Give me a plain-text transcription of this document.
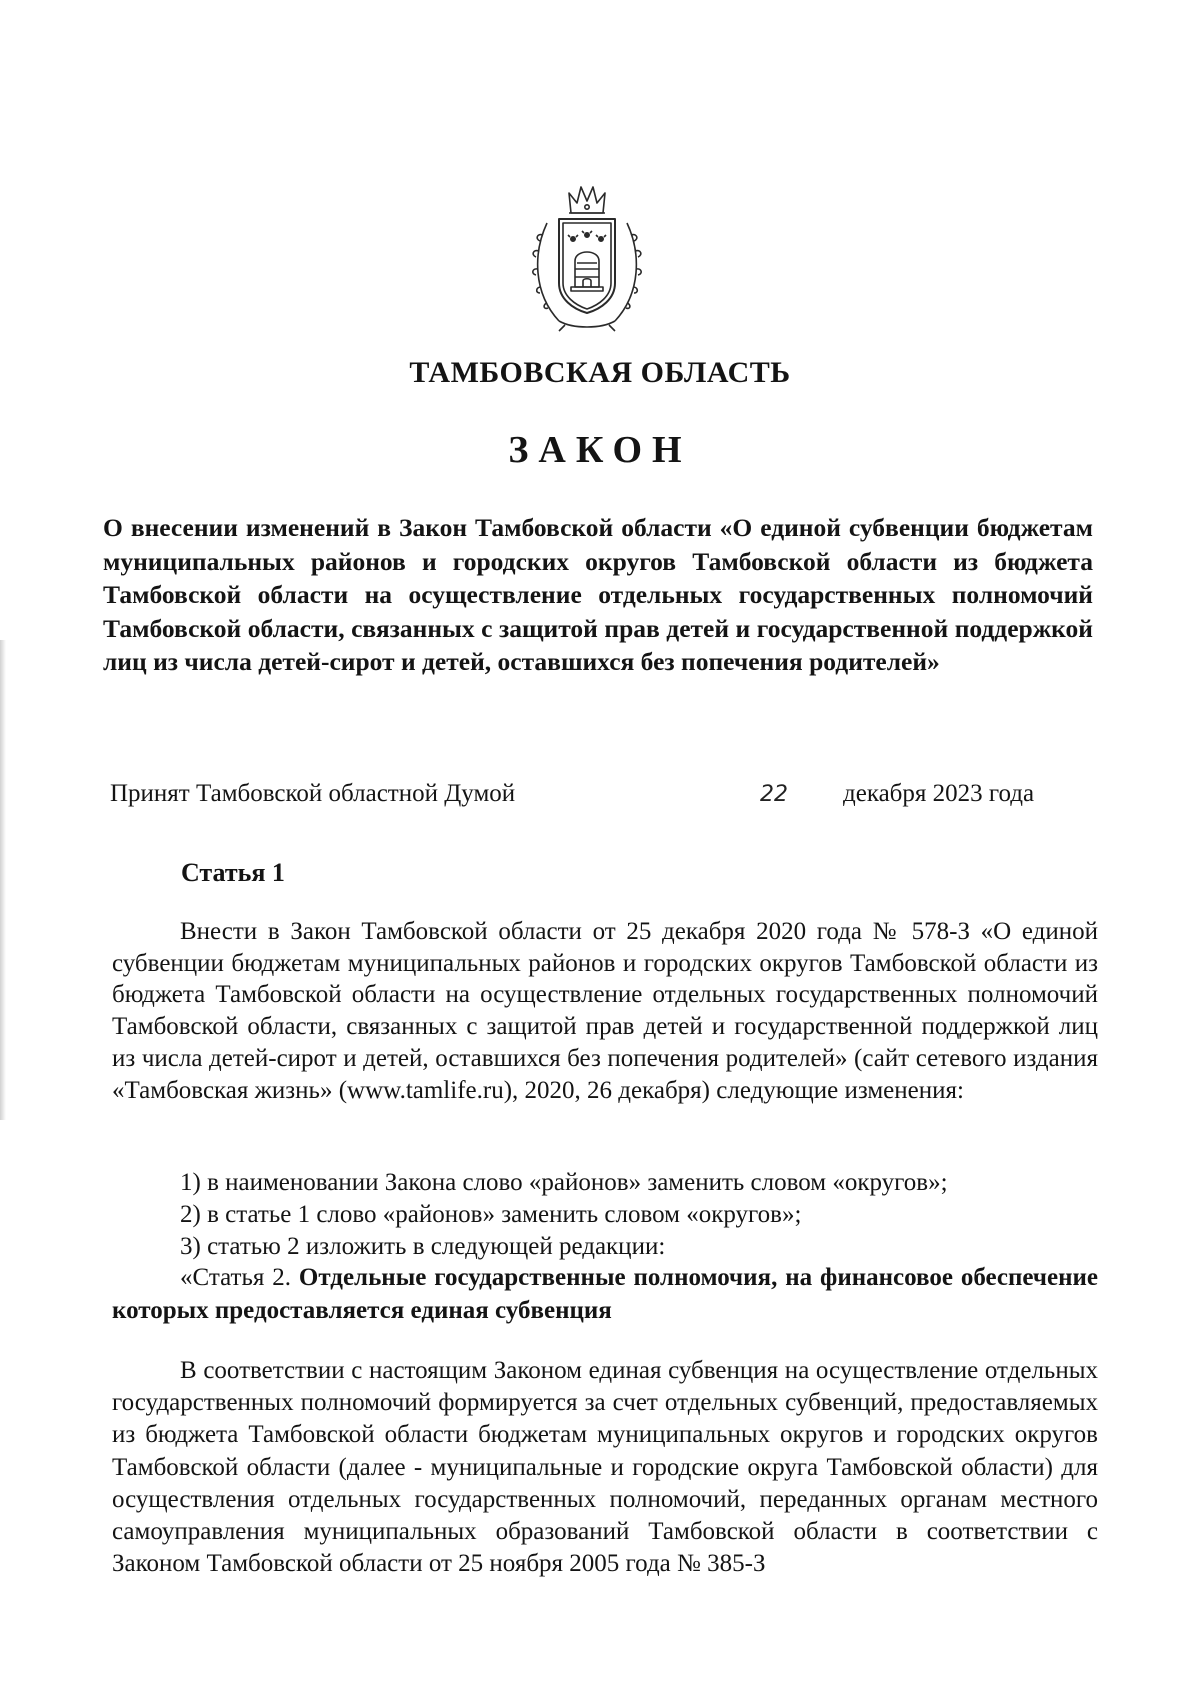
ТАМБОВСКАЯ ОБЛАСТЬ
ЗАКОН
О внесении изменений в Закон Тамбовской области «О единой субвенции бюджетам муниципальных районов и городских округов Тамбовской области из бюджета Тамбовской области на осуществление отдельных государственных полномочий Тамбовской области, связанных с защитой прав детей и государственной поддержкой лиц из числа детей-сирот и детей, оставшихся без попечения родителей»
Принят Тамбовской областной Думой	22 декабря 2023 года
Статья 1
Внести в Закон Тамбовской области от 25 декабря 2020 года № 578-З «О единой субвенции бюджетам муниципальных районов и городских округов Тамбовской области из бюджета Тамбовской области на осуществление отдельных государственных полномочий Тамбовской области, связанных с защитой прав детей и государственной поддержкой лиц из числа детей-сирот и детей, оставшихся без попечения родителей» (сайт сетевого издания «Тамбовская жизнь» (www.tamlife.ru), 2020, 26 декабря) следующие изменения:
1) в наименовании Закона слово «районов» заменить словом «округов»;
2) в статье 1 слово «районов» заменить словом «округов»;
3) статью 2 изложить в следующей редакции:
«Статья 2. Отдельные государственные полномочия, на финансовое обеспечение которых предоставляется единая субвенция
В соответствии с настоящим Законом единая субвенция на осуществление отдельных государственных полномочий формируется за счет отдельных субвенций, предоставляемых из бюджета Тамбовской области бюджетам муниципальных округов и городских округов Тамбовской области (далее - муниципальные и городские округа Тамбовской области) для осуществления отдельных государственных полномочий, переданных органам местного самоуправления муниципальных образований Тамбовской области в соответствии с Законом Тамбовской области от 25 ноября 2005 года № 385-З
